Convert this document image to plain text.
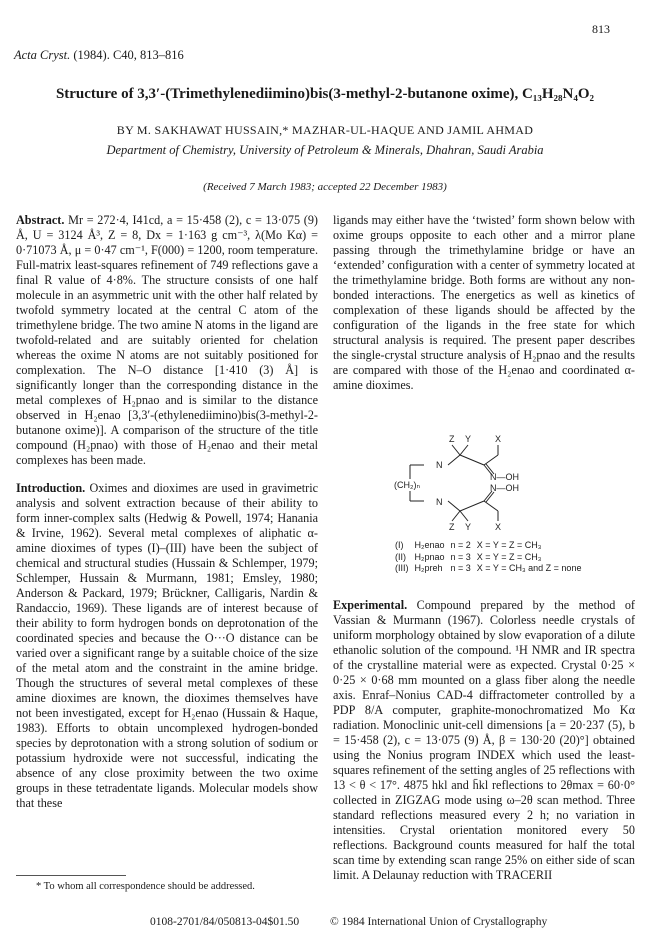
813
Acta Cryst. (1984). C40, 813–816
Structure of 3,3′-(Trimethylenediimino)bis(3-methyl-2-butanone oxime), C₁₃H₂₈N₄O₂
BY M. SAKHAWAT HUSSAIN,* MAZHAR-UL-HAQUE AND JAMIL AHMAD
Department of Chemistry, University of Petroleum & Minerals, Dhahran, Saudi Arabia
(Received 7 March 1983; accepted 22 December 1983)

Abstract. Mr = 272·4, I41cd, a = 15·458 (2), c = 13·075 (9) Å, U = 3124 Å³, Z = 8, Dx = 1·163 g cm⁻³, λ(Mo Kα) = 0·71073 Å, μ = 0·47 cm⁻¹, F(000) = 1200, room temperature. Full-matrix least-squares refinement of 749 reflections gave a final R value of 4·8%. The structure consists of one half molecule in an asymmetric unit with the other half related by twofold symmetry located at the central C atom of the trimethylene bridge. The two amine N atoms in the ligand are twofold-related and are suitably oriented for chelation whereas the oxime N atoms are not suitably positioned for complexation. The N–O distance [1·410 (3) Å] is significantly longer than the corresponding distance in the metal complexes of H₂pnao and is similar to the distance observed in H₂enao [3,3′-(ethylenediimino)bis(3-methyl-2-butanone oxime)]. A comparison of the structure of the title compound (H₂pnao) with those of H₂enao and their metal complexes has been made.

Introduction. Oximes and dioximes are used in gravimetric analysis and solvent extraction because of their ability to form inner-complex salts (Hedwig & Powell, 1974; Hanania & Irvine, 1962). Several metal complexes of aliphatic α-amine dioximes of types (I)–(III) have been the subject of chemical and structural studies (Hussain & Schlemper, 1979; Schlemper, Hussain & Murmann, 1981; Emsley, 1980; Anderson & Packard, 1979; Brückner, Calligaris, Nardin & Randaccio, 1969). These ligands are of interest because of their ability to form hydrogen bonds on deprotonation of the coordinated species and because the O···O distance can be varied over a significant range by a suitable choice of the size of the metal atom and the constraint in the amine bridge. Though the structures of several metal complexes of these amine dioximes are known, the dioximes themselves have not been investigated, except for H₂enao (Hussain & Haque, 1983). Efforts to obtain uncomplexed hydrogen-bonded species by deprotonation with a strong solution of sodium or potassium hydroxide were not successful, indicating the absence of any close proximity between the two oxime groups in these tetradentate ligands. Molecular models show that these

ligands may either have the ‘twisted’ form shown below with oxime groups opposite to each other and a mirror plane passing through the trimethylamine bridge or have an ‘extended’ configuration with a center of symmetry located at the trimethylamine bridge. Both forms are without any non-bonded interactions. The energetics as well as kinetics of complexation of these ligands should be affected by the configuration of the ligands in the free state for which structural analysis is required. The present paper describes the single-crystal structure analysis of H₂pnao and the results are compared with those of the H₂enao and coordinated α-amine dioximes.

Z Y	X
N
N—OH
(CH₂)ₙ
N
N—OH
Z Y	X
(I)	H₂enao	n = 2	X = Y = Z = CH₃
(II)	H₂pnao	n = 3	X = Y = Z = CH₃
(III)	H₂preh	n = 3	X = Y = CH₃ and Z = none

Experimental. Compound prepared by the method of Vassian & Murmann (1967). Colorless needle crystals of uniform morphology obtained by slow evaporation of a dilute ethanolic solution of the compound. ¹H NMR and IR spectra of the crystalline material were as expected. Crystal 0·25 × 0·25 × 0·68 mm mounted on a glass fiber along the needle axis. Enraf–Nonius CAD-4 diffractometer controlled by a PDP 8/A computer, graphite-monochromatized Mo Kα radiation. Monoclinic unit-cell dimensions [a = 20·237 (5), b = 15·458 (2), c = 13·075 (9) Å, β = 130·20 (20)°] obtained using the Nonius program INDEX which used the least-squares refinement of the setting angles of 25 reflections with 13 < θ < 17°. 4875 hkl and h̄kl reflections to 2θmax = 60·0° collected in ZIGZAG mode using ω–2θ scan method. Three standard reflections measured every 2 h; no variation in intensities. Crystal orientation monitored every 50 reflections. Background counts measured for half the total scan time by extending scan range 25% on either side of scan limit. A Delaunay reduction with TRACERII

* To whom all correspondence should be addressed.
0108-2701/84/050813-04$01.50	© 1984 International Union of Crystallography
